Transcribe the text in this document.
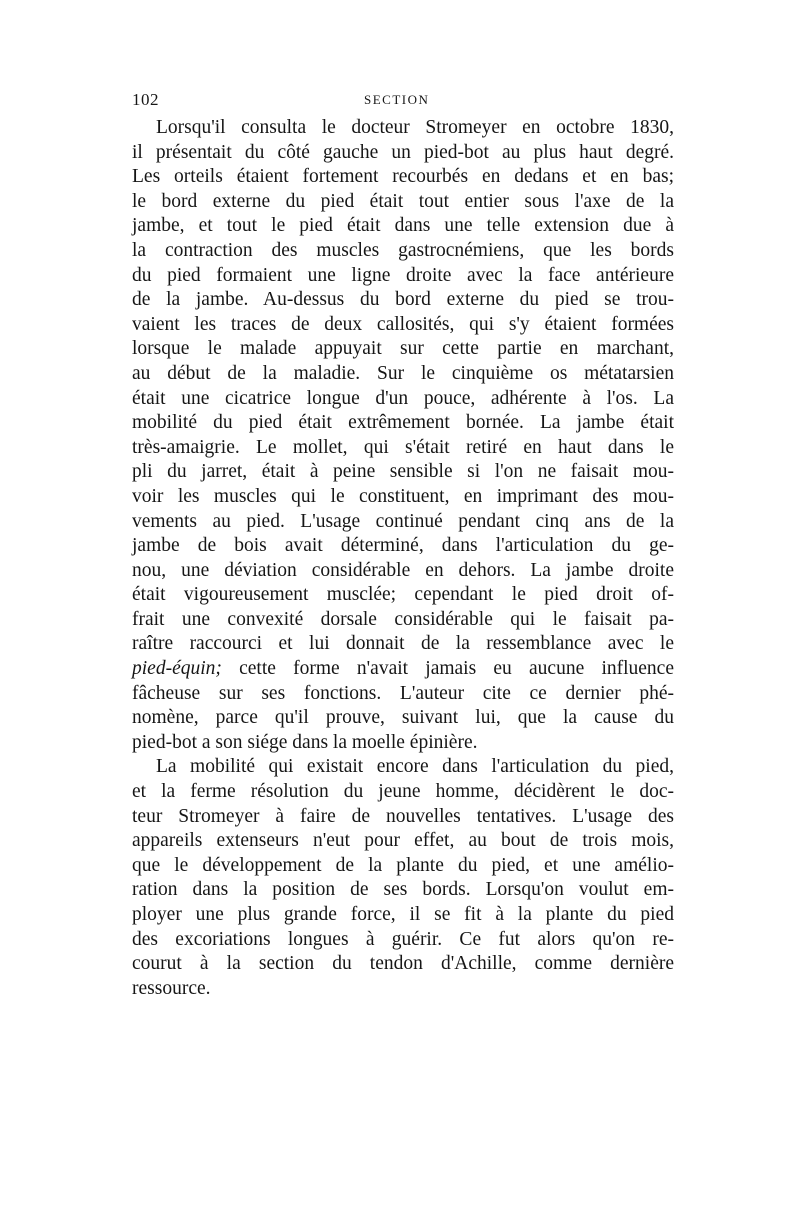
102	SECTION
Lorsqu'il consulta le docteur Stromeyer en octobre 1830,
il présentait du côté gauche un pied-bot au plus haut degré.
Les orteils étaient fortement recourbés en dedans et en bas;
le bord externe du pied était tout entier sous l'axe de la
jambe, et tout le pied était dans une telle extension due à
la contraction des muscles gastrocnémiens, que les bords
du pied formaient une ligne droite avec la face antérieure
de la jambe. Au-dessus du bord externe du pied se trou-
vaient les traces de deux callosités, qui s'y étaient formées
lorsque le malade appuyait sur cette partie en marchant,
au début de la maladie. Sur le cinquième os métatarsien
était une cicatrice longue d'un pouce, adhérente à l'os. La
mobilité du pied était extrêmement bornée. La jambe était
très-amaigrie. Le mollet, qui s'était retiré en haut dans le
pli du jarret, était à peine sensible si l'on ne faisait mou-
voir les muscles qui le constituent, en imprimant des mou-
vements au pied. L'usage continué pendant cinq ans de la
jambe de bois avait déterminé, dans l'articulation du ge-
nou, une déviation considérable en dehors. La jambe droite
était vigoureusement musclée; cependant le pied droit of-
frait une convexité dorsale considérable qui le faisait pa-
raître raccourci et lui donnait de la ressemblance avec le
pied-équin; cette forme n'avait jamais eu aucune influence
fâcheuse sur ses fonctions. L'auteur cite ce dernier phé-
nomène, parce qu'il prouve, suivant lui, que la cause du
pied-bot a son siége dans la moelle épinière.
La mobilité qui existait encore dans l'articulation du pied,
et la ferme résolution du jeune homme, décidèrent le doc-
teur Stromeyer à faire de nouvelles tentatives. L'usage des
appareils extenseurs n'eut pour effet, au bout de trois mois,
que le développement de la plante du pied, et une amélio-
ration dans la position de ses bords. Lorsqu'on voulut em-
ployer une plus grande force, il se fit à la plante du pied
des excoriations longues à guérir. Ce fut alors qu'on re-
courut à la section du tendon d'Achille, comme dernière
ressource.
